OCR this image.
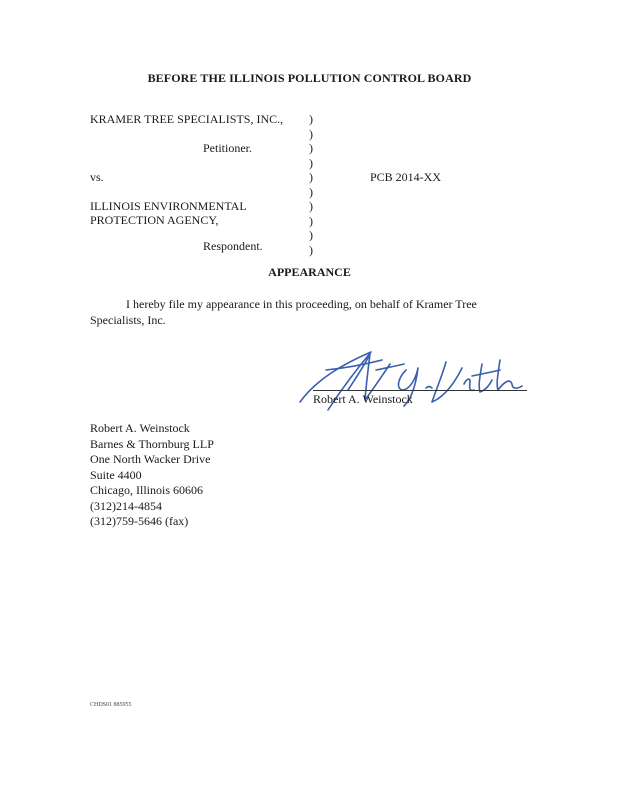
BEFORE THE ILLINOIS POLLUTION CONTROL BOARD
KRAMER TREE SPECIALISTS, INC.,
Petitioner.
vs.
ILLINOIS ENVIRONMENTAL
PROTECTION AGENCY,
Respondent.
)
)
)
)
)
)
)
)
)
)
PCB 2014-XX
APPEARANCE
I hereby file my appearance in this proceeding, on behalf of Kramer Tree Specialists, Inc.
Robert A. Weinstock
Robert A. Weinstock
Barnes & Thornburg LLP
One North Wacker Drive
Suite 4400
Chicago, Illinois 60606
(312)214-4854
(312)759-5646 (fax)
CHDS01 885955
